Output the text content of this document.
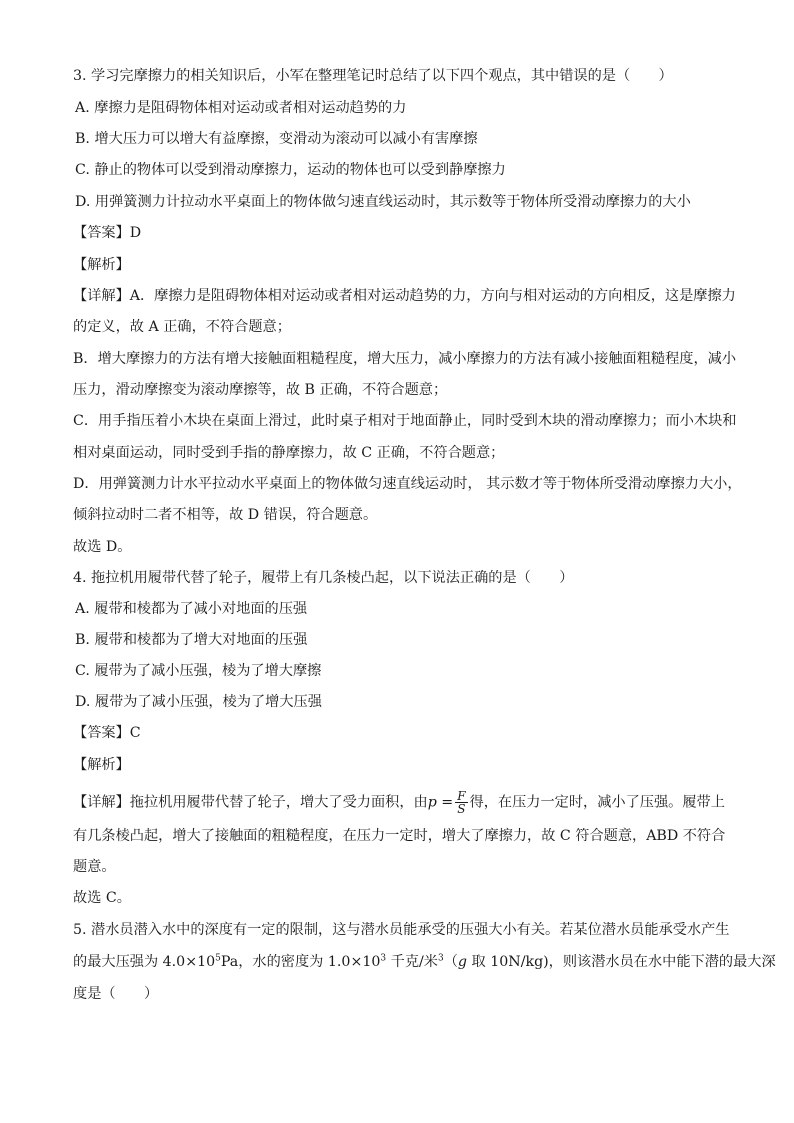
3. 学习完摩擦力的相关知识后，小军在整理笔记时总结了以下四个观点，其中错误的是（　　）
A. 摩擦力是阻碍物体相对运动或者相对运动趋势的力
B. 增大压力可以增大有益摩擦，变滑动为滚动可以减小有害摩擦
C. 静止的物体可以受到滑动摩擦力，运动的物体也可以受到静摩擦力
D. 用弹簧测力计拉动水平桌面上的物体做匀速直线运动时，其示数等于物体所受滑动摩擦力的大小
【答案】D
【解析】
【详解】A．摩擦力是阻碍物体相对运动或者相对运动趋势的力，方向与相对运动的方向相反，这是摩擦力
的定义，故 A 正确，不符合题意；
B．增大摩擦力的方法有增大接触面粗糙程度，增大压力，减小摩擦力的方法有减小接触面粗糙程度，减小
压力，滑动摩擦变为滚动摩擦等，故 B 正确，不符合题意；
C．用手指压着小木块在桌面上滑过，此时桌子相对于地面静止，同时受到木块的滑动摩擦力；而小木块和
相对桌面运动，同时受到手指的静摩擦力，故 C 正确，不符合题意；
D．用弹簧测力计水平拉动水平桌面上的物体做匀速直线运动时， 其示数才等于物体所受滑动摩擦力大小，
倾斜拉动时二者不相等，故 D 错误，符合题意。
故选 D。
4. 拖拉机用履带代替了轮子，履带上有几条棱凸起，以下说法正确的是（　　）
A. 履带和棱都为了减小对地面的压强
B. 履带和棱都为了增大对地面的压强
C. 履带为了减小压强，棱为了增大摩擦
D. 履带为了减小压强，棱为了增大压强
【答案】C
【解析】
【详解】拖拉机用履带代替了轮子，增大了受力面积，由$p = \frac{F}{S}$ 得，在压力一定时，减小了压强。履带上
有几条棱凸起，增大了接触面的粗糙程度，在压力一定时，增大了摩擦力，故 C 符合题意，ABD 不符合
题意。
故选 C。
5. 潜水员潜入水中的深度有一定的限制，这与潜水员能承受的压强大小有关。若某位潜水员能承受水产生
的最大压强为 $4.0\times 10^5Pa$，水的密度为 $1.0\times 10^3$ 千克/米$^3$（g 取 10N/kg)，则该潜水员在水中能下潜的最大深
度是（　　）
